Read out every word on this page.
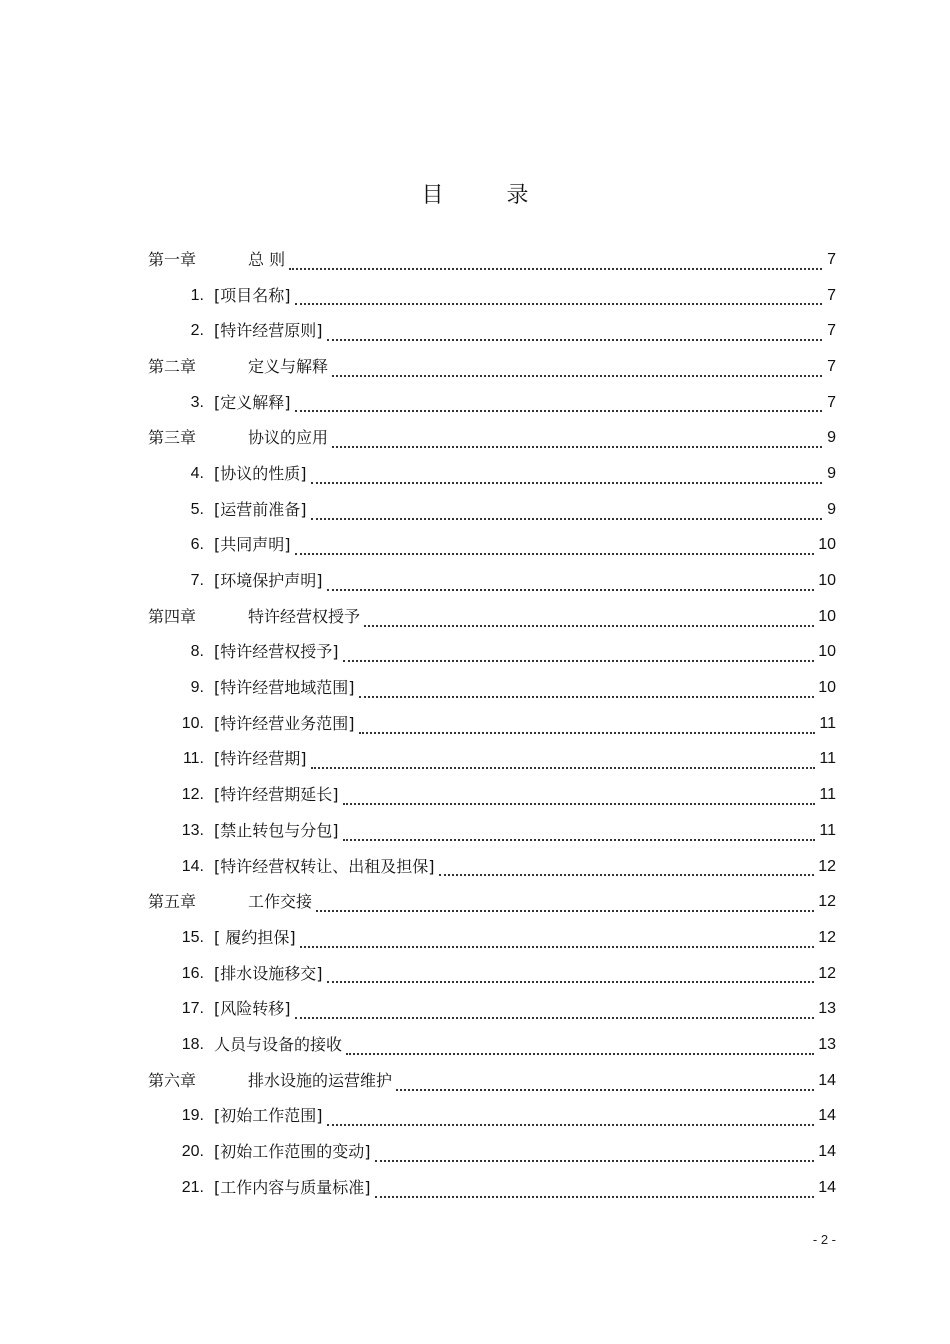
目 录
第一章	总 则	7
1. [项目名称]	7
2. [特许经营原则]	7
第二章	定义与解释	7
3. [定义解释]	7
第三章	协议的应用	9
4. [协议的性质]	9
5. [运营前准备]	9
6. [共同声明]	10
7. [环境保护声明]	10
第四章	特许经营权授予	10
8. [特许经营权授予]	10
9. [特许经营地域范围]	10
10. [特许经营业务范围]	11
11. [特许经营期]	11
12. [特许经营期延长]	11
13. [禁止转包与分包]	11
14. [特许经营权转让、出租及担保]	12
第五章	工作交接	12
15. [ 履约担保]	12
16. [排水设施移交]	12
17. [风险转移]	13
18. 人员与设备的接收	13
第六章	排水设施的运营维护	14
19. [初始工作范围]	14
20. [初始工作范围的变动]	14
21. [工作内容与质量标准]	14
- 2 -
